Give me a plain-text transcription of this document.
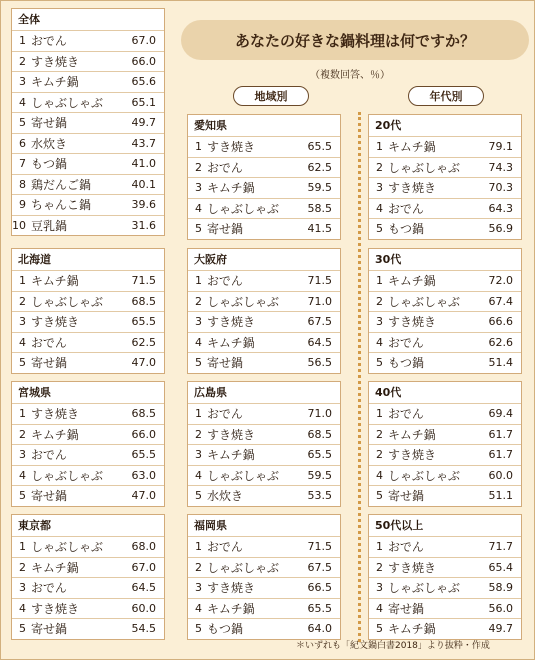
あなたの好きな鍋料理は何ですか？
（複数回答、％）
地域別	年代別
全体
1 おでん	67.0
2 すき焼き	66.0
3 キムチ鍋	65.6
4 しゃぶしゃぶ	65.1
5 寄せ鍋	49.7
6 水炊き	43.7
7 もつ鍋	41.0
8 鶏だんご鍋	40.1
9 ちゃんこ鍋	39.6
10 豆乳鍋	31.6
北海道
1 キムチ鍋	71.5
2 しゃぶしゃぶ	68.5
3 すき焼き	65.5
4 おでん	62.5
5 寄せ鍋	47.0
宮城県
1 すき焼き	68.5
2 キムチ鍋	66.0
3 おでん	65.5
4 しゃぶしゃぶ	63.0
5 寄せ鍋	47.0
東京都
1 しゃぶしゃぶ	68.0
2 キムチ鍋	67.0
3 おでん	64.5
4 すき焼き	60.0
5 寄せ鍋	54.5
愛知県
1 すき焼き	65.5
2 おでん	62.5
3 キムチ鍋	59.5
4 しゃぶしゃぶ	58.5
5 寄せ鍋	41.5
大阪府
1 おでん	71.5
2 しゃぶしゃぶ	71.0
3 すき焼き	67.5
4 キムチ鍋	64.5
5 寄せ鍋	56.5
広島県
1 おでん	71.0
2 すき焼き	68.5
3 キムチ鍋	65.5
4 しゃぶしゃぶ	59.5
5 水炊き	53.5
福岡県
1 おでん	71.5
2 しゃぶしゃぶ	67.5
3 すき焼き	66.5
4 キムチ鍋	65.5
5 もつ鍋	64.0
20代
1 キムチ鍋	79.1
2 しゃぶしゃぶ	74.3
3 すき焼き	70.3
4 おでん	64.3
5 もつ鍋	56.9
30代
1 キムチ鍋	72.0
2 しゃぶしゃぶ	67.4
3 すき焼き	66.6
4 おでん	62.6
5 もつ鍋	51.4
40代
1 おでん	69.4
2 キムチ鍋	61.7
2 すき焼き	61.7
4 しゃぶしゃぶ	60.0
5 寄せ鍋	51.1
50代以上
1 おでん	71.7
2 すき焼き	65.4
3 しゃぶしゃぶ	58.9
4 寄せ鍋	56.0
5 キムチ鍋	49.7
＊いずれも「紀文鍋白書2018」より抜粋・作成
